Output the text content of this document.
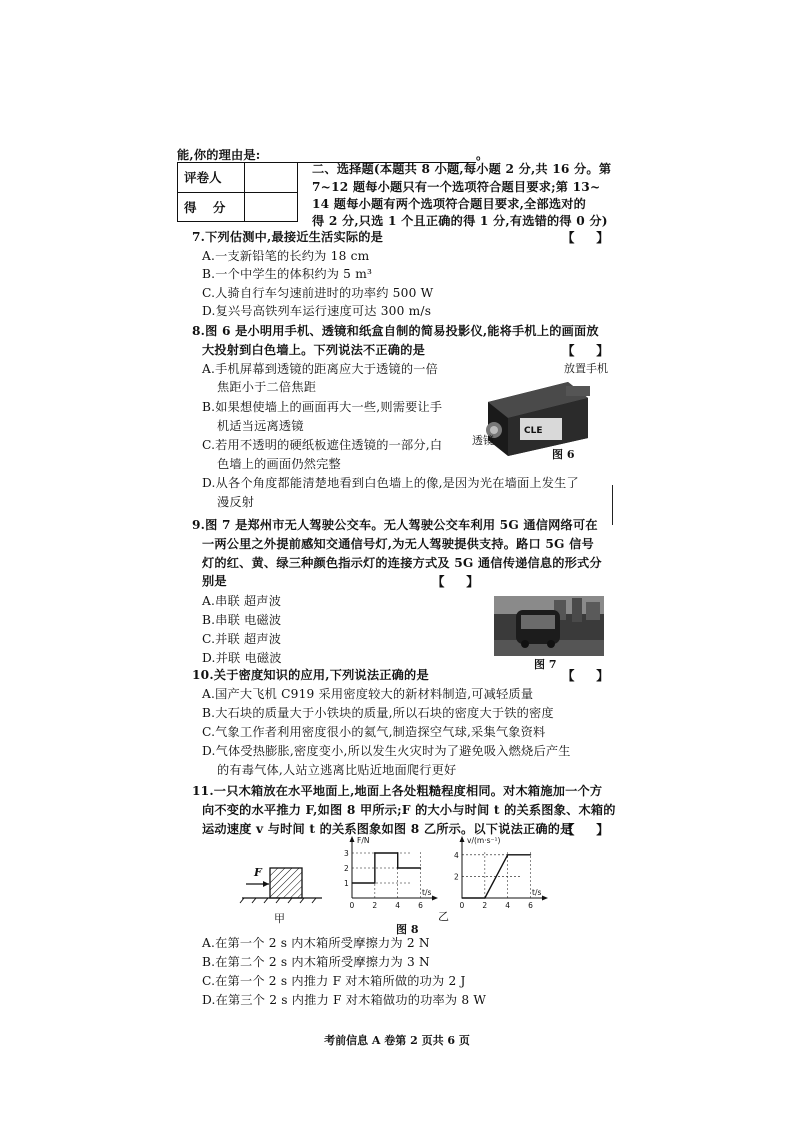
能,你的理由是:	。
评卷人
得 分
二、选择题(本题共 8 小题,每小题 2 分,共 16 分。第
7~12 题每小题只有一个选项符合题目要求;第 13~
14 题每小题有两个选项符合题目要求,全部选对的
得 2 分,只选 1 个且正确的得 1 分,有选错的得 0 分)
7.下列估测中,最接近生活实际的是	【     】
A.一支新铅笔的长约为 18 cm
B.一个中学生的体积约为 5 m³
C.人骑自行车匀速前进时的功率约 500 W
D.复兴号高铁列车运行速度可达 300 m/s
8.图 6 是小明用手机、透镜和纸盒自制的简易投影仪,能将手机上的画面放
大投射到白色墙上。下列说法不正确的是	【     】
A.手机屏幕到透镜的距离应大于透镜的一倍
焦距小于二倍焦距
B.如果想使墙上的画面再大一些,则需要让手
机适当远离透镜
C.若用不透明的硬纸板遮住透镜的一部分,白
色墙上的画面仍然完整
D.从各个角度都能清楚地看到白色墙上的像,是因为光在墙面上发生了
漫反射
CLE
放置手机
透镜
图 6
9.图 7 是郑州市无人驾驶公交车。无人驾驶公交车利用 5G 通信网络可在
一两公里之外提前感知交通信号灯,为无人驾驶提供支持。路口 5G 信号
灯的红、黄、绿三种颜色指示灯的连接方式及 5G 通信传递信息的形式分
别是	【     】
A.串联 超声波
B.串联 电磁波
C.并联 超声波
D.并联 电磁波	图 7
10.关于密度知识的应用,下列说法正确的是	【     】
A.国产大飞机 C919 采用密度较大的新材料制造,可减轻质量
B.大石块的质量大于小铁块的质量,所以石块的密度大于铁的密度
C.气象工作者利用密度很小的氦气,制造探空气球,采集气象资料
D.气体受热膨胀,密度变小,所以发生火灾时为了避免吸入燃烧后产生
的有毒气体,人站立逃离比贴近地面爬行更好
11.一只木箱放在水平地面上,地面上各处粗糙程度相同。对木箱施加一个方
向不变的水平推力 F,如图 8 甲所示;F 的大小与时间 t 的关系图象、木箱的
运动速度 v 与时间 t 的关系图象如图 8 乙所示。以下说法正确的是
【     】
F
甲
F/N
t/s
0 2 4 6
1
2
3
v/(m·s⁻¹)
t/s
0 2 4 6
2
4
乙
图 8
A.在第一个 2 s 内木箱所受摩擦力为 2 N
B.在第二个 2 s 内木箱所受摩擦力为 3 N
C.在第一个 2 s 内推力 F 对木箱所做的功为 2 J
D.在第三个 2 s 内推力 F 对木箱做功的功率为 8 W
考前信息 A 卷第 2 页共 6 页
